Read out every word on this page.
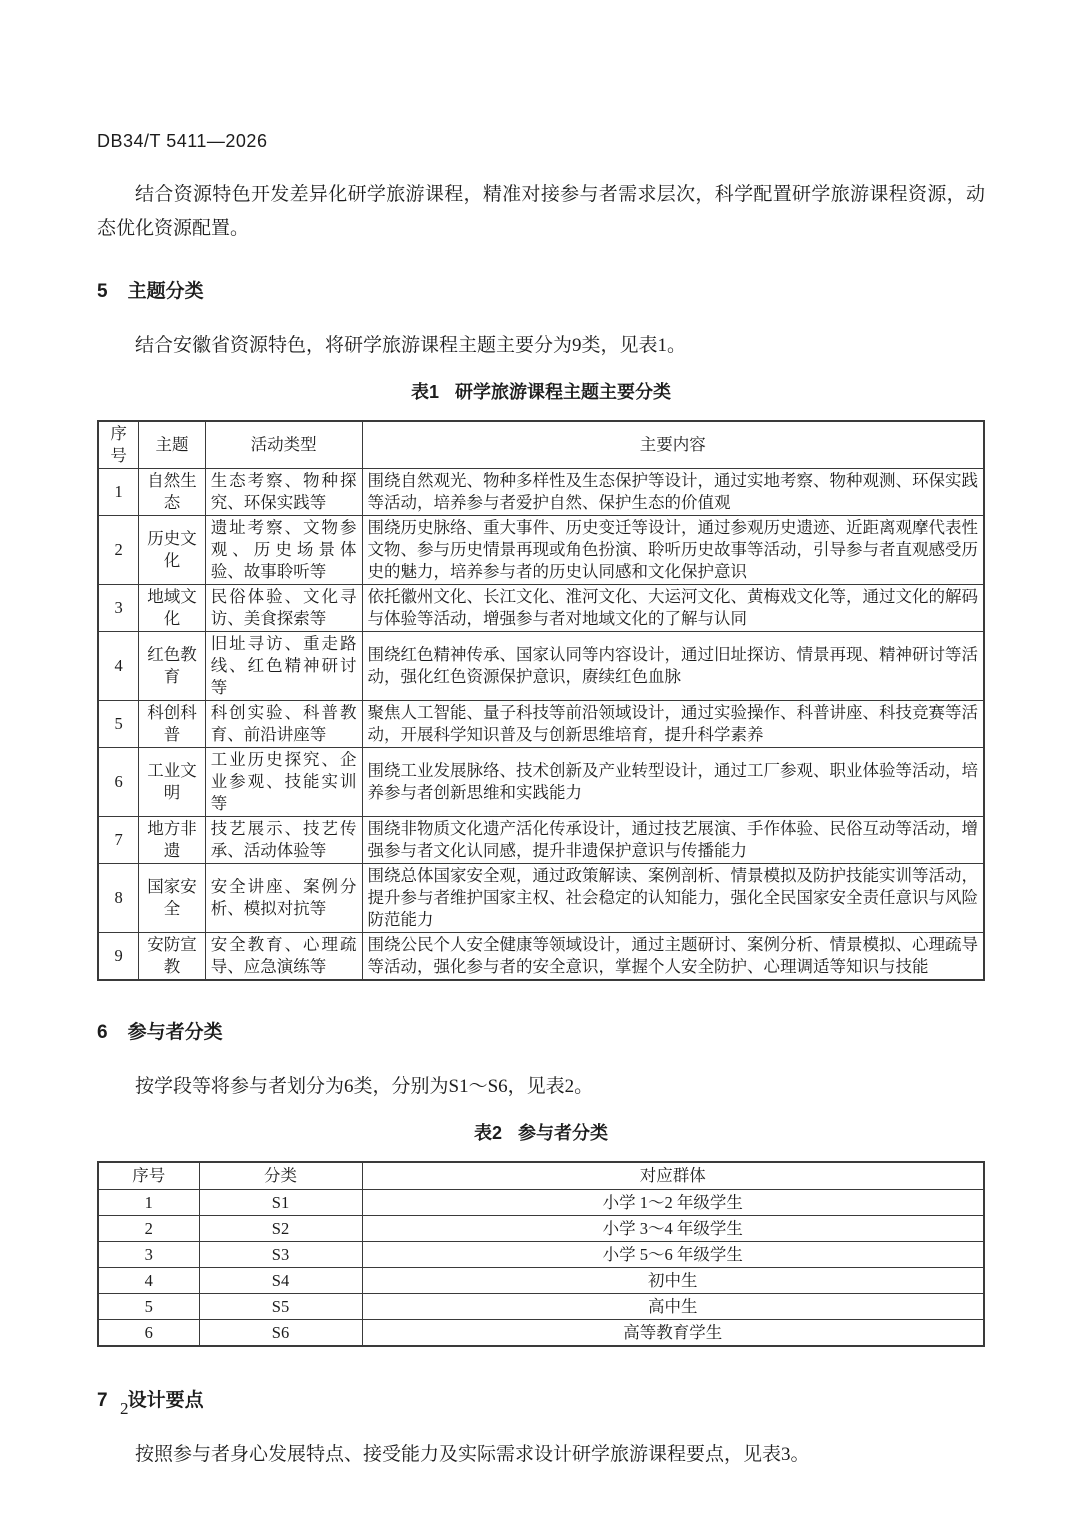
DB34/T 5411—2026

结合资源特色开发差异化研学旅游课程，精准对接参与者需求层次，科学配置研学旅游课程资源，动态优化资源配置。

5 主题分类

结合安徽省资源特色，将研学旅游课程主题主要分为9类，见表1。

表1 研学旅游课程主题主要分类

序号	主题	活动类型	主要内容
1	自然生态	生态考察、物种探究、环保实践等	围绕自然观光、物种多样性及生态保护等设计，通过实地考察、物种观测、环保实践等活动，培养参与者爱护自然、保护生态的价值观
2	历史文化	遗址考察、文物参观、历史场景体验、故事聆听等	围绕历史脉络、重大事件、历史变迁等设计，通过参观历史遗迹、近距离观摩代表性文物、参与历史情景再现或角色扮演、聆听历史故事等活动，引导参与者直观感受历史的魅力，培养参与者的历史认同感和文化保护意识
3	地域文化	民俗体验、文化寻访、美食探索等	依托徽州文化、长江文化、淮河文化、大运河文化、黄梅戏文化等，通过文化的解码与体验等活动，增强参与者对地域文化的了解与认同
4	红色教育	旧址寻访、重走路线、红色精神研讨等	围绕红色精神传承、国家认同等内容设计，通过旧址探访、情景再现、精神研讨等活动，强化红色资源保护意识，赓续红色血脉
5	科创科普	科创实验、科普教育、前沿讲座等	聚焦人工智能、量子科技等前沿领域设计，通过实验操作、科普讲座、科技竞赛等活动，开展科学知识普及与创新思维培育，提升科学素养
6	工业文明	工业历史探究、企业参观、技能实训等	围绕工业发展脉络、技术创新及产业转型设计，通过工厂参观、职业体验等活动，培养参与者创新思维和实践能力
7	地方非遗	技艺展示、技艺传承、活动体验等	围绕非物质文化遗产活化传承设计，通过技艺展演、手作体验、民俗互动等活动，增强参与者文化认同感，提升非遗保护意识与传播能力
8	国家安全	安全讲座、案例分析、模拟对抗等	围绕总体国家安全观，通过政策解读、案例剖析、情景模拟及防护技能实训等活动，提升参与者维护国家主权、社会稳定的认知能力，强化全民国家安全责任意识与风险防范能力
9	安防宣教	安全教育、心理疏导、应急演练等	围绕公民个人安全健康等领域设计，通过主题研讨、案例分析、情景模拟、心理疏导等活动，强化参与者的安全意识，掌握个人安全防护、心理调适等知识与技能
6 参与者分类

按学段等将参与者划分为6类，分别为S1～S6，见表2。

表2 参与者分类

序号	分类	对应群体
1	S1	小学 1～2 年级学生
2	S2	小学 3～4 年级学生
3	S3	小学 5～6 年级学生
4	S4	初中生
5	S5	高中生
6	S6	高等教育学生
7 设计要点

按照参与者身心发展特点、接受能力及实际需求设计研学旅游课程要点，见表3。

2
